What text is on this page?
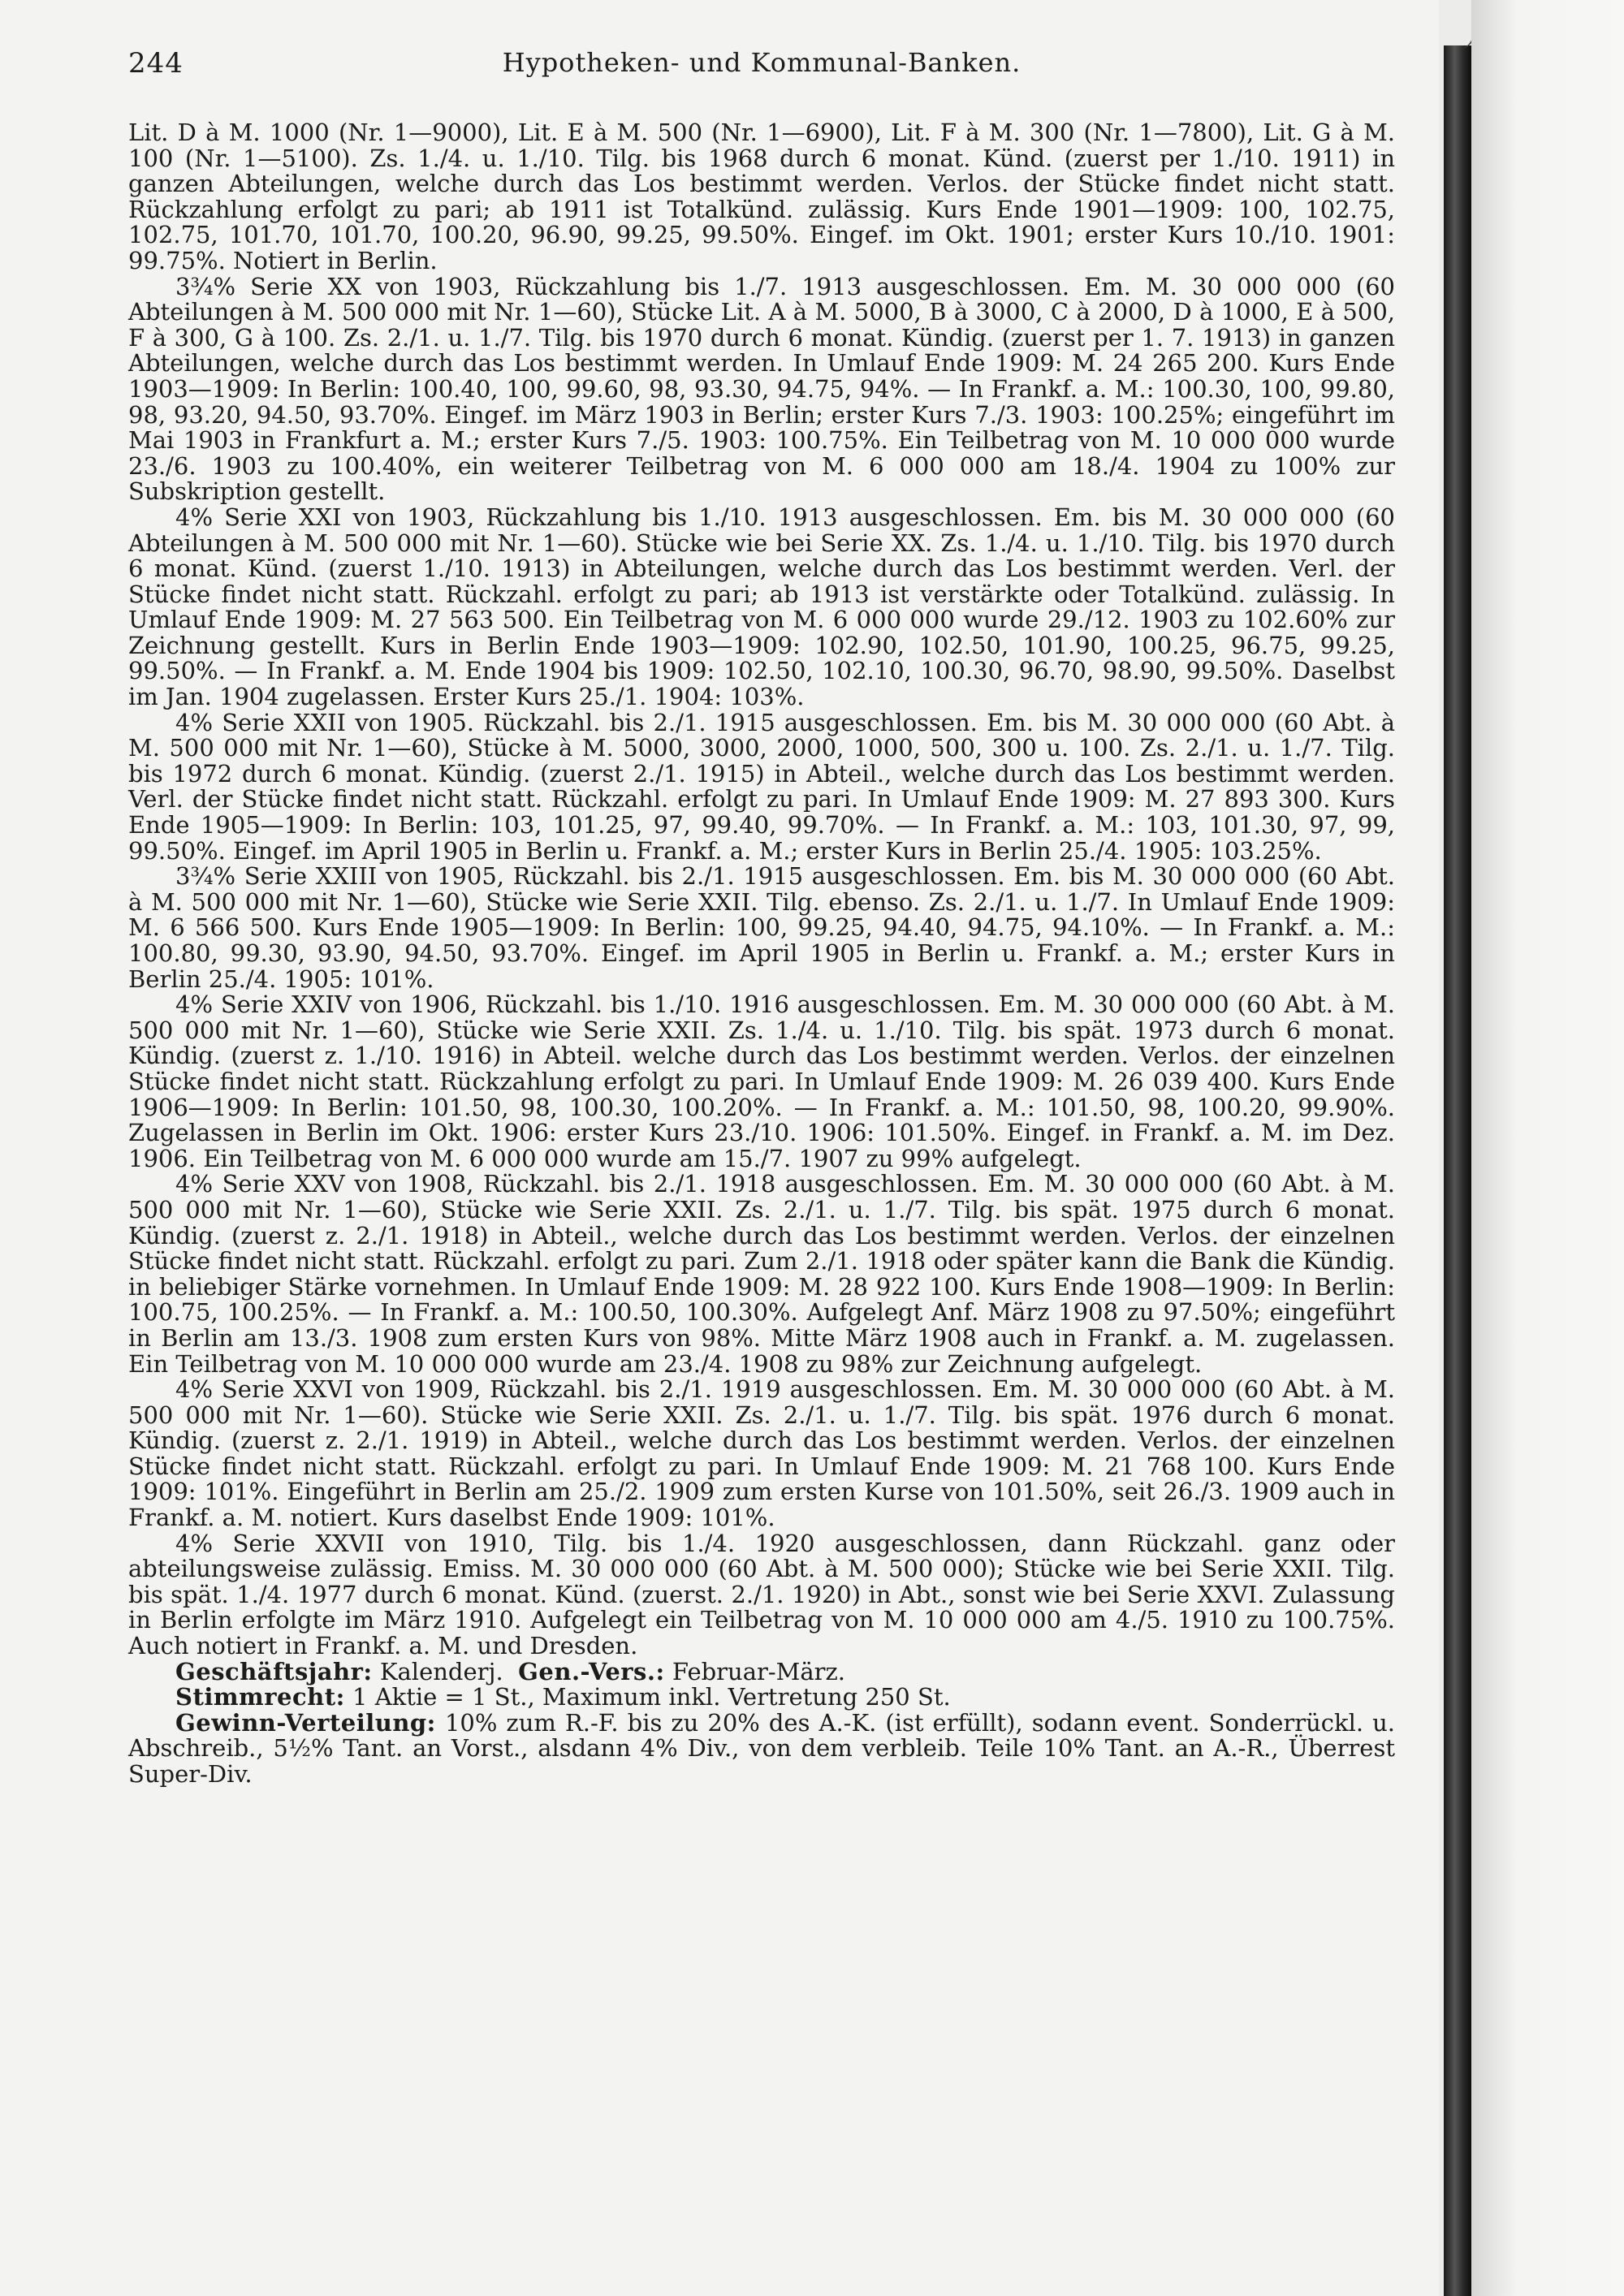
244	Hypotheken- und Kommunal-Banken.

Lit. D à M. 1000 (Nr. 1—9000), Lit. E à M. 500 (Nr. 1—6900), Lit. F à M. 300 (Nr. 1—7800), Lit. G à M. 100 (Nr. 1—5100). Zs. 1./4. u. 1./10. Tilg. bis 1968 durch 6 monat. Künd. (zuerst per 1./10. 1911) in ganzen Abteilungen, welche durch das Los bestimmt werden. Verlos. der Stücke findet nicht statt. Rückzahlung erfolgt zu pari; ab 1911 ist Totalkünd. zulässig. Kurs Ende 1901—1909: 100, 102.75, 102.75, 101.70, 101.70, 100.20, 96.90, 99.25, 99.50%. Eingef. im Okt. 1901; erster Kurs 10./10. 1901: 99.75%. Notiert in Berlin.

3¾% Serie XX von 1903, Rückzahlung bis 1./7. 1913 ausgeschlossen. Em. M. 30 000 000 (60 Abteilungen à M. 500 000 mit Nr. 1—60), Stücke Lit. A à M. 5000, B à 3000, C à 2000, D à 1000, E à 500, F à 300, G à 100. Zs. 2./1. u. 1./7. Tilg. bis 1970 durch 6 monat. Kündig. (zuerst per 1. 7. 1913) in ganzen Abteilungen, welche durch das Los bestimmt werden. In Umlauf Ende 1909: M. 24 265 200. Kurs Ende 1903—1909: In Berlin: 100.40, 100, 99.60, 98, 93.30, 94.75, 94%. — In Frankf. a. M.: 100.30, 100, 99.80, 98, 93.20, 94.50, 93.70%. Eingef. im März 1903 in Berlin; erster Kurs 7./3. 1903: 100.25%; eingeführt im Mai 1903 in Frankfurt a. M.; erster Kurs 7./5. 1903: 100.75%. Ein Teilbetrag von M. 10 000 000 wurde 23./6. 1903 zu 100.40%, ein weiterer Teilbetrag von M. 6 000 000 am 18./4. 1904 zu 100% zur Subskription gestellt.

4% Serie XXI von 1903, Rückzahlung bis 1./10. 1913 ausgeschlossen. Em. bis M. 30 000 000 (60 Abteilungen à M. 500 000 mit Nr. 1—60). Stücke wie bei Serie XX. Zs. 1./4. u. 1./10. Tilg. bis 1970 durch 6 monat. Künd. (zuerst 1./10. 1913) in Abteilungen, welche durch das Los bestimmt werden. Verl. der Stücke findet nicht statt. Rückzahl. erfolgt zu pari; ab 1913 ist verstärkte oder Totalkünd. zulässig. In Umlauf Ende 1909: M. 27 563 500. Ein Teilbetrag von M. 6 000 000 wurde 29./12. 1903 zu 102.60% zur Zeichnung gestellt. Kurs in Berlin Ende 1903—1909: 102.90, 102.50, 101.90, 100.25, 96.75, 99.25, 99.50%. — In Frankf. a. M. Ende 1904 bis 1909: 102.50, 102.10, 100.30, 96.70, 98.90, 99.50%. Daselbst im Jan. 1904 zugelassen. Erster Kurs 25./1. 1904: 103%.

4% Serie XXII von 1905. Rückzahl. bis 2./1. 1915 ausgeschlossen. Em. bis M. 30 000 000 (60 Abt. à M. 500 000 mit Nr. 1—60), Stücke à M. 5000, 3000, 2000, 1000, 500, 300 u. 100. Zs. 2./1. u. 1./7. Tilg. bis 1972 durch 6 monat. Kündig. (zuerst 2./1. 1915) in Abteil., welche durch das Los bestimmt werden. Verl. der Stücke findet nicht statt. Rückzahl. erfolgt zu pari. In Umlauf Ende 1909: M. 27 893 300. Kurs Ende 1905—1909: In Berlin: 103, 101.25, 97, 99.40, 99.70%. — In Frankf. a. M.: 103, 101.30, 97, 99, 99.50%. Eingef. im April 1905 in Berlin u. Frankf. a. M.; erster Kurs in Berlin 25./4. 1905: 103.25%.

3¾% Serie XXIII von 1905, Rückzahl. bis 2./1. 1915 ausgeschlossen. Em. bis M. 30 000 000 (60 Abt. à M. 500 000 mit Nr. 1—60), Stücke wie Serie XXII. Tilg. ebenso. Zs. 2./1. u. 1./7. In Umlauf Ende 1909: M. 6 566 500. Kurs Ende 1905—1909: In Berlin: 100, 99.25, 94.40, 94.75, 94.10%. — In Frankf. a. M.: 100.80, 99.30, 93.90, 94.50, 93.70%. Eingef. im April 1905 in Berlin u. Frankf. a. M.; erster Kurs in Berlin 25./4. 1905: 101%.

4% Serie XXIV von 1906, Rückzahl. bis 1./10. 1916 ausgeschlossen. Em. M. 30 000 000 (60 Abt. à M. 500 000 mit Nr. 1—60), Stücke wie Serie XXII. Zs. 1./4. u. 1./10. Tilg. bis spät. 1973 durch 6 monat. Kündig. (zuerst z. 1./10. 1916) in Abteil. welche durch das Los bestimmt werden. Verlos. der einzelnen Stücke findet nicht statt. Rückzahlung erfolgt zu pari. In Umlauf Ende 1909: M. 26 039 400. Kurs Ende 1906—1909: In Berlin: 101.50, 98, 100.30, 100.20%. — In Frankf. a. M.: 101.50, 98, 100.20, 99.90%. Zugelassen in Berlin im Okt. 1906: erster Kurs 23./10. 1906: 101.50%. Eingef. in Frankf. a. M. im Dez. 1906. Ein Teilbetrag von M. 6 000 000 wurde am 15./7. 1907 zu 99% aufgelegt.

4% Serie XXV von 1908, Rückzahl. bis 2./1. 1918 ausgeschlossen. Em. M. 30 000 000 (60 Abt. à M. 500 000 mit Nr. 1—60), Stücke wie Serie XXII. Zs. 2./1. u. 1./7. Tilg. bis spät. 1975 durch 6 monat. Kündig. (zuerst z. 2./1. 1918) in Abteil., welche durch das Los bestimmt werden. Verlos. der einzelnen Stücke findet nicht statt. Rückzahl. erfolgt zu pari. Zum 2./1. 1918 oder später kann die Bank die Kündig. in beliebiger Stärke vornehmen. In Umlauf Ende 1909: M. 28 922 100. Kurs Ende 1908—1909: In Berlin: 100.75, 100.25%. — In Frankf. a. M.: 100.50, 100.30%. Aufgelegt Anf. März 1908 zu 97.50%; eingeführt in Berlin am 13./3. 1908 zum ersten Kurs von 98%. Mitte März 1908 auch in Frankf. a. M. zugelassen. Ein Teilbetrag von M. 10 000 000 wurde am 23./4. 1908 zu 98% zur Zeichnung aufgelegt.

4% Serie XXVI von 1909, Rückzahl. bis 2./1. 1919 ausgeschlossen. Em. M. 30 000 000 (60 Abt. à M. 500 000 mit Nr. 1—60). Stücke wie Serie XXII. Zs. 2./1. u. 1./7. Tilg. bis spät. 1976 durch 6 monat. Kündig. (zuerst z. 2./1. 1919) in Abteil., welche durch das Los bestimmt werden. Verlos. der einzelnen Stücke findet nicht statt. Rückzahl. erfolgt zu pari. In Umlauf Ende 1909: M. 21 768 100. Kurs Ende 1909: 101%. Eingeführt in Berlin am 25./2. 1909 zum ersten Kurse von 101.50%, seit 26./3. 1909 auch in Frankf. a. M. notiert. Kurs daselbst Ende 1909: 101%.

4% Serie XXVII von 1910, Tilg. bis 1./4. 1920 ausgeschlossen, dann Rückzahl. ganz oder abteilungsweise zulässig. Emiss. M. 30 000 000 (60 Abt. à M. 500 000); Stücke wie bei Serie XXII. Tilg. bis spät. 1./4. 1977 durch 6 monat. Künd. (zuerst. 2./1. 1920) in Abt., sonst wie bei Serie XXVI. Zulassung in Berlin erfolgte im März 1910. Aufgelegt ein Teilbetrag von M. 10 000 000 am 4./5. 1910 zu 100.75%. Auch notiert in Frankf. a. M. und Dresden.

Geschäftsjahr: Kalenderj. Gen.-Vers.: Februar-März.

Stimmrecht: 1 Aktie = 1 St., Maximum inkl. Vertretung 250 St.

Gewinn-Verteilung: 10% zum R.-F. bis zu 20% des A.-K. (ist erfüllt), sodann event. Sonderrückl. u. Abschreib., 5½% Tant. an Vorst., alsdann 4% Div., von dem verbleib. Teile 10% Tant. an A.-R., Überrest Super-Div.
